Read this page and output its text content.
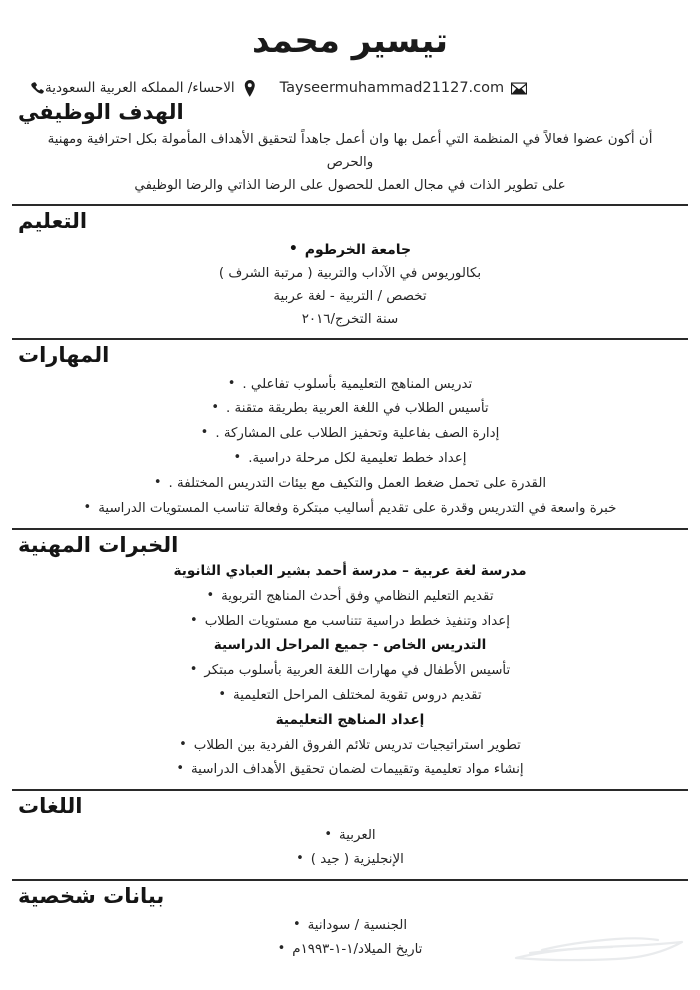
تيسير محمد
الاحساء/ المملكه العربية السعودية	Tayseermuhammad21127.com
الهدف الوظيفي

أن أكون عضوا فعالاً في المنظمة التي أعمل بها وان أعمل جاهداً لتحقيق الأهداف المأمولة بكل احترافية ومهنية والحرص

على تطوير الذات في مجال العمل للحصول على الرضا الذاتي والرضا الوظيفي

التعليم
جامعة الخرطوم •
بكالوريوس في الآداب والتربية ( مرتبة الشرف )
تخصص / التربية - لغة عربية
سنة التخرج/٢٠١٦
المهارات
تدريس المناهج التعليمية بأسلوب تفاعلي . •
تأسيس الطلاب في اللغة العربية بطريقة متقنة . •
إدارة الصف بفاعلية وتحفيز الطلاب على المشاركة . •
إعداد خطط تعليمية لكل مرحلة دراسية. •
القدرة على تحمل ضغط العمل والتكيف مع بيئات التدريس المختلفة . •
خبرة واسعة في التدريس وقدرة على تقديم أساليب مبتكرة وفعالة تناسب المستويات الدراسية •
الخبرات المهنية
مدرسة لغة عربية – مدرسة أحمد بشير العبادي الثانوية
تقديم التعليم النظامي وفق أحدث المناهج التربوية •
إعداد وتنفيذ خطط دراسية تتناسب مع مستويات الطلاب •
التدريس الخاص - جميع المراحل الدراسية
تأسيس الأطفال في مهارات اللغة العربية بأسلوب مبتكر •
تقديم دروس تقوية لمختلف المراحل التعليمية •
إعداد المناهج التعليمية
تطوير استراتيجيات تدريس تلائم الفروق الفردية بين الطلاب •
إنشاء مواد تعليمية وتقييمات لضمان تحقيق الأهداف الدراسية •
اللغات
العربية •
الإنجليزية ( جيد ) •
بيانات شخصية
الجنسية / سودانية •
تاريخ الميلاد/١-١-١٩٩٣م •
